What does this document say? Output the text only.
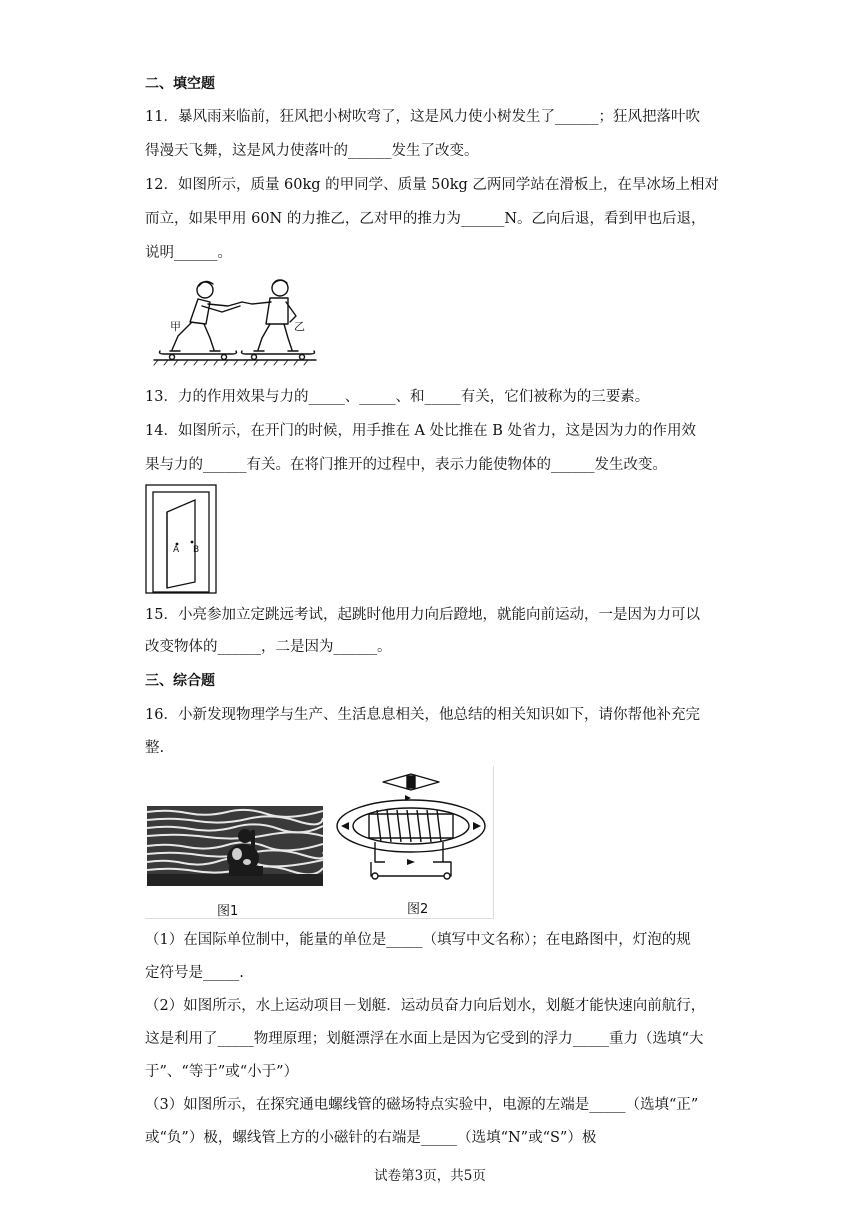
二、填空题
11．暴风雨来临前，狂风把小树吹弯了，这是风力使小树发生了______；狂风把落叶吹
得漫天飞舞，这是风力使落叶的______发生了改变。
12．如图所示，质量 60kg 的甲同学、质量 50kg 乙两同学站在滑板上，在旱冰场上相对
而立，如果甲用 60N 的力推乙，乙对甲的推力为______N。乙向后退，看到甲也后退，
说明______。
甲	乙
13．力的作用效果与力的_____、_____、和_____有关，它们被称为的三要素。
14．如图所示，在开门的时候，用手推在 A 处比推在 B 处省力，这是因为力的作用效
果与力的______有关。在将门推开的过程中，表示力能使物体的______发生改变。
A B
15．小亮参加立定跳远考试，起跳时他用力向后蹬地，就能向前运动，一是因为力可以
改变物体的______，二是因为______。
三、综合题
16．小新发现物理学与生产、生活息息相关，他总结的相关知识如下，请你帮他补充完
整.
图1	图2
（1）在国际单位制中，能量的单位是_____（填写中文名称）；在电路图中，灯泡的规
定符号是_____.
（2）如图所示，水上运动项目－划艇．运动员奋力向后划水，划艇才能快速向前航行，
这是利用了_____物理原理；划艇漂浮在水面上是因为它受到的浮力_____重力（选填“大
于”、“等于”或“小于”）
（3）如图所示，在探究通电螺线管的磁场特点实验中，电源的左端是_____（选填“正”
或“负”）极，螺线管上方的小磁针的右端是_____（选填“N”或“S”）极
试卷第3页，共5页
